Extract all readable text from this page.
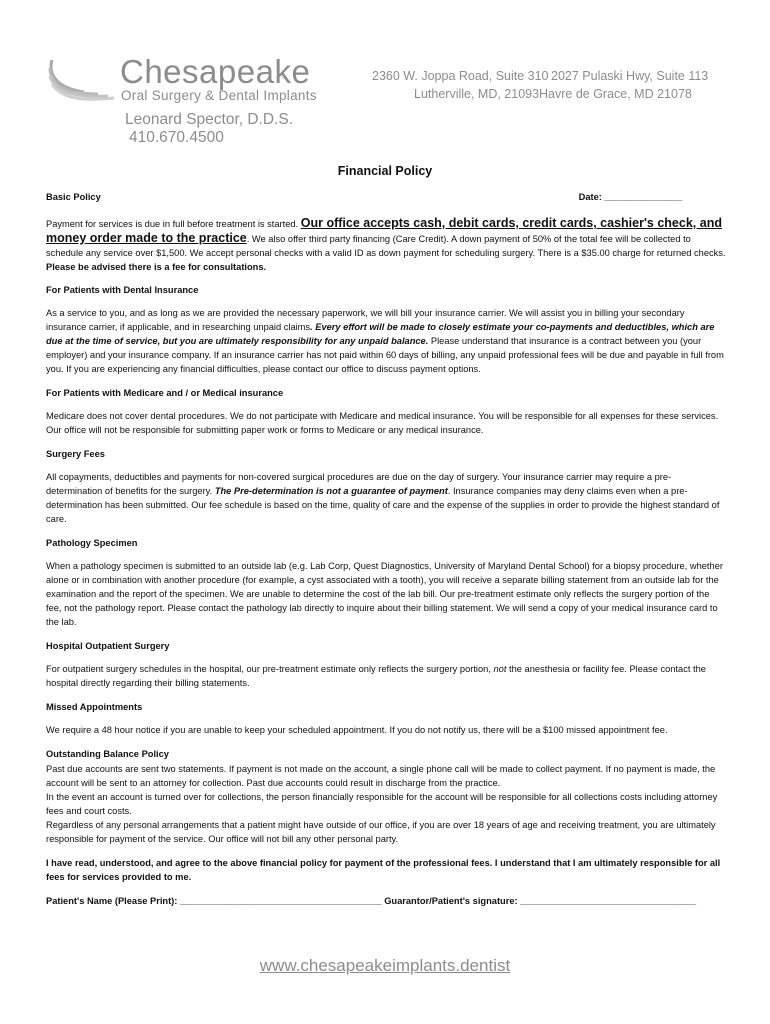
Chesapeake
Oral Surgery & Dental Implants
Leonard Spector, D.D.S.
410.670.4500
2360 W. Joppa Road, Suite 310
Lutherville, MD, 21093
2027 Pulaski Hwy, Suite 113
Havre de Grace, MD 21078
Financial Policy
Basic Policy	Date: _______________

Payment for services is due in full before treatment is started. Our office accepts cash, debit cards, credit cards, cashier's check, and money order made to the practice. We also offer third party financing (Care Credit). A down payment of 50% of the total fee will be collected to schedule any service over $1,500. We accept personal checks with a valid ID as down payment for scheduling surgery. There is a $35.00 charge for returned checks. Please be advised there is a fee for consultations.

For Patients with Dental Insurance

As a service to you, and as long as we are provided the necessary paperwork, we will bill your insurance carrier. We will assist you in billing your secondary insurance carrier, if applicable, and in researching unpaid claims. Every effort will be made to closely estimate your co-payments and deductibles, which are due at the time of service, but you are ultimately responsibility for any unpaid balance. Please understand that insurance is a contract between you (your employer) and your insurance company. If an insurance carrier has not paid within 60 days of billing, any unpaid professional fees will be due and payable in full from you. If you are experiencing any financial difficulties, please contact our office to discuss payment options.

For Patients with Medicare and / or Medical insurance

Medicare does not cover dental procedures. We do not participate with Medicare and medical insurance. You will be responsible for all expenses for these services. Our office will not be responsible for submitting paper work or forms to Medicare or any medical insurance.

Surgery Fees

All copayments, deductibles and payments for non-covered surgical procedures are due on the day of surgery. Your insurance carrier may require a pre-determination of benefits for the surgery. The Pre-determination is not a guarantee of payment. Insurance companies may deny claims even when a pre-determination has been submitted. Our fee schedule is based on the time, quality of care and the expense of the supplies in order to provide the highest standard of care.

Pathology Specimen

When a pathology specimen is submitted to an outside lab (e.g. Lab Corp, Quest Diagnostics, University of Maryland Dental School) for a biopsy procedure, whether alone or in combination with another procedure (for example, a cyst associated with a tooth), you will receive a separate billing statement from an outside lab for the examination and the report of the specimen. We are unable to determine the cost of the lab bill. Our pre-treatment estimate only reflects the surgery portion of the fee, not the pathology report. Please contact the pathology lab directly to inquire about their billing statement. We will send a copy of your medical insurance card to the lab.

Hospital Outpatient Surgery

For outpatient surgery schedules in the hospital, our pre-treatment estimate only reflects the surgery portion, not the anesthesia or facility fee. Please contact the hospital directly regarding their billing statements.

Missed Appointments

We require a 48 hour notice if you are unable to keep your scheduled appointment. If you do not notify us, there will be a $100 missed appointment fee.

Outstanding Balance Policy

Past due accounts are sent two statements. If payment is not made on the account, a single phone call will be made to collect payment. If no payment is made, the account will be sent to an attorney for collection. Past due accounts could result in discharge from the practice.

In the event an account is turned over for collections, the person financially responsible for the account will be responsible for all collections costs including attorney fees and court costs.

Regardless of any personal arrangements that a patient might have outside of our office, if you are over 18 years of age and receiving treatment, you are ultimately responsible for payment of the service. Our office will not bill any other personal party.

I have read, understood, and agree to the above financial policy for payment of the professional fees. I understand that I am ultimately responsible for all fees for services provided to me.

Patient's Name (Please Print): _______________________________________ Guarantor/Patient's signature: __________________________________
www.chesapeakeimplants.dentist
